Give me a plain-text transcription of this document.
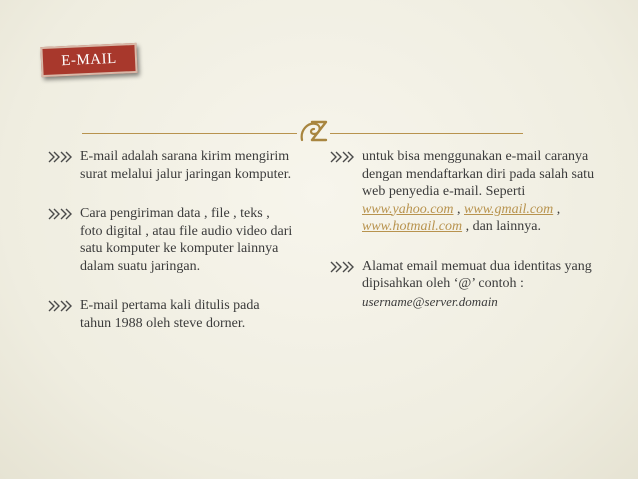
E-MAIL
E-mail adalah sarana kirim mengirim surat melalui jalur jaringan komputer.
Cara pengiriman data , file , teks , foto digital , atau file audio video dari satu komputer ke komputer lainnya dalam suatu jaringan.
E-mail pertama kali ditulis pada tahun 1988 oleh steve dorner.
untuk bisa menggunakan e-mail caranya dengan mendaftarkan diri pada salah satu web penyedia e-mail. Seperti www.yahoo.com , www.gmail.com , www.hotmail.com , dan lainnya.
Alamat email memuat dua identitas yang dipisahkan oleh ‘@’ contoh :
username@server.domain
